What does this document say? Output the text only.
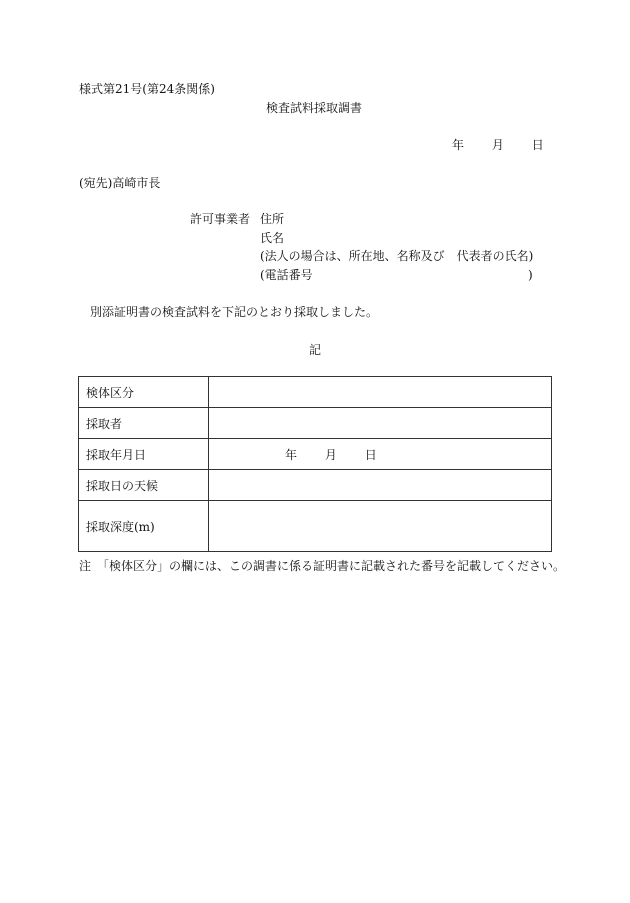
様式第21号(第24条関係)
検査試料採取調書
年 月 日
(宛先)高崎市長
許可事業者 住所
氏名
(法人の場合は、所在地、名称及び　代表者の氏名)
(電話番号	)
別添証明書の検査試料を下記のとおり採取しました。
記
検体区分	
採取者	
採取年月日	年 月 日

採取日の天候	
採取深度(m)	
注　「検体区分」の欄には、この調書に係る証明書に記載された番号を記載してください。
